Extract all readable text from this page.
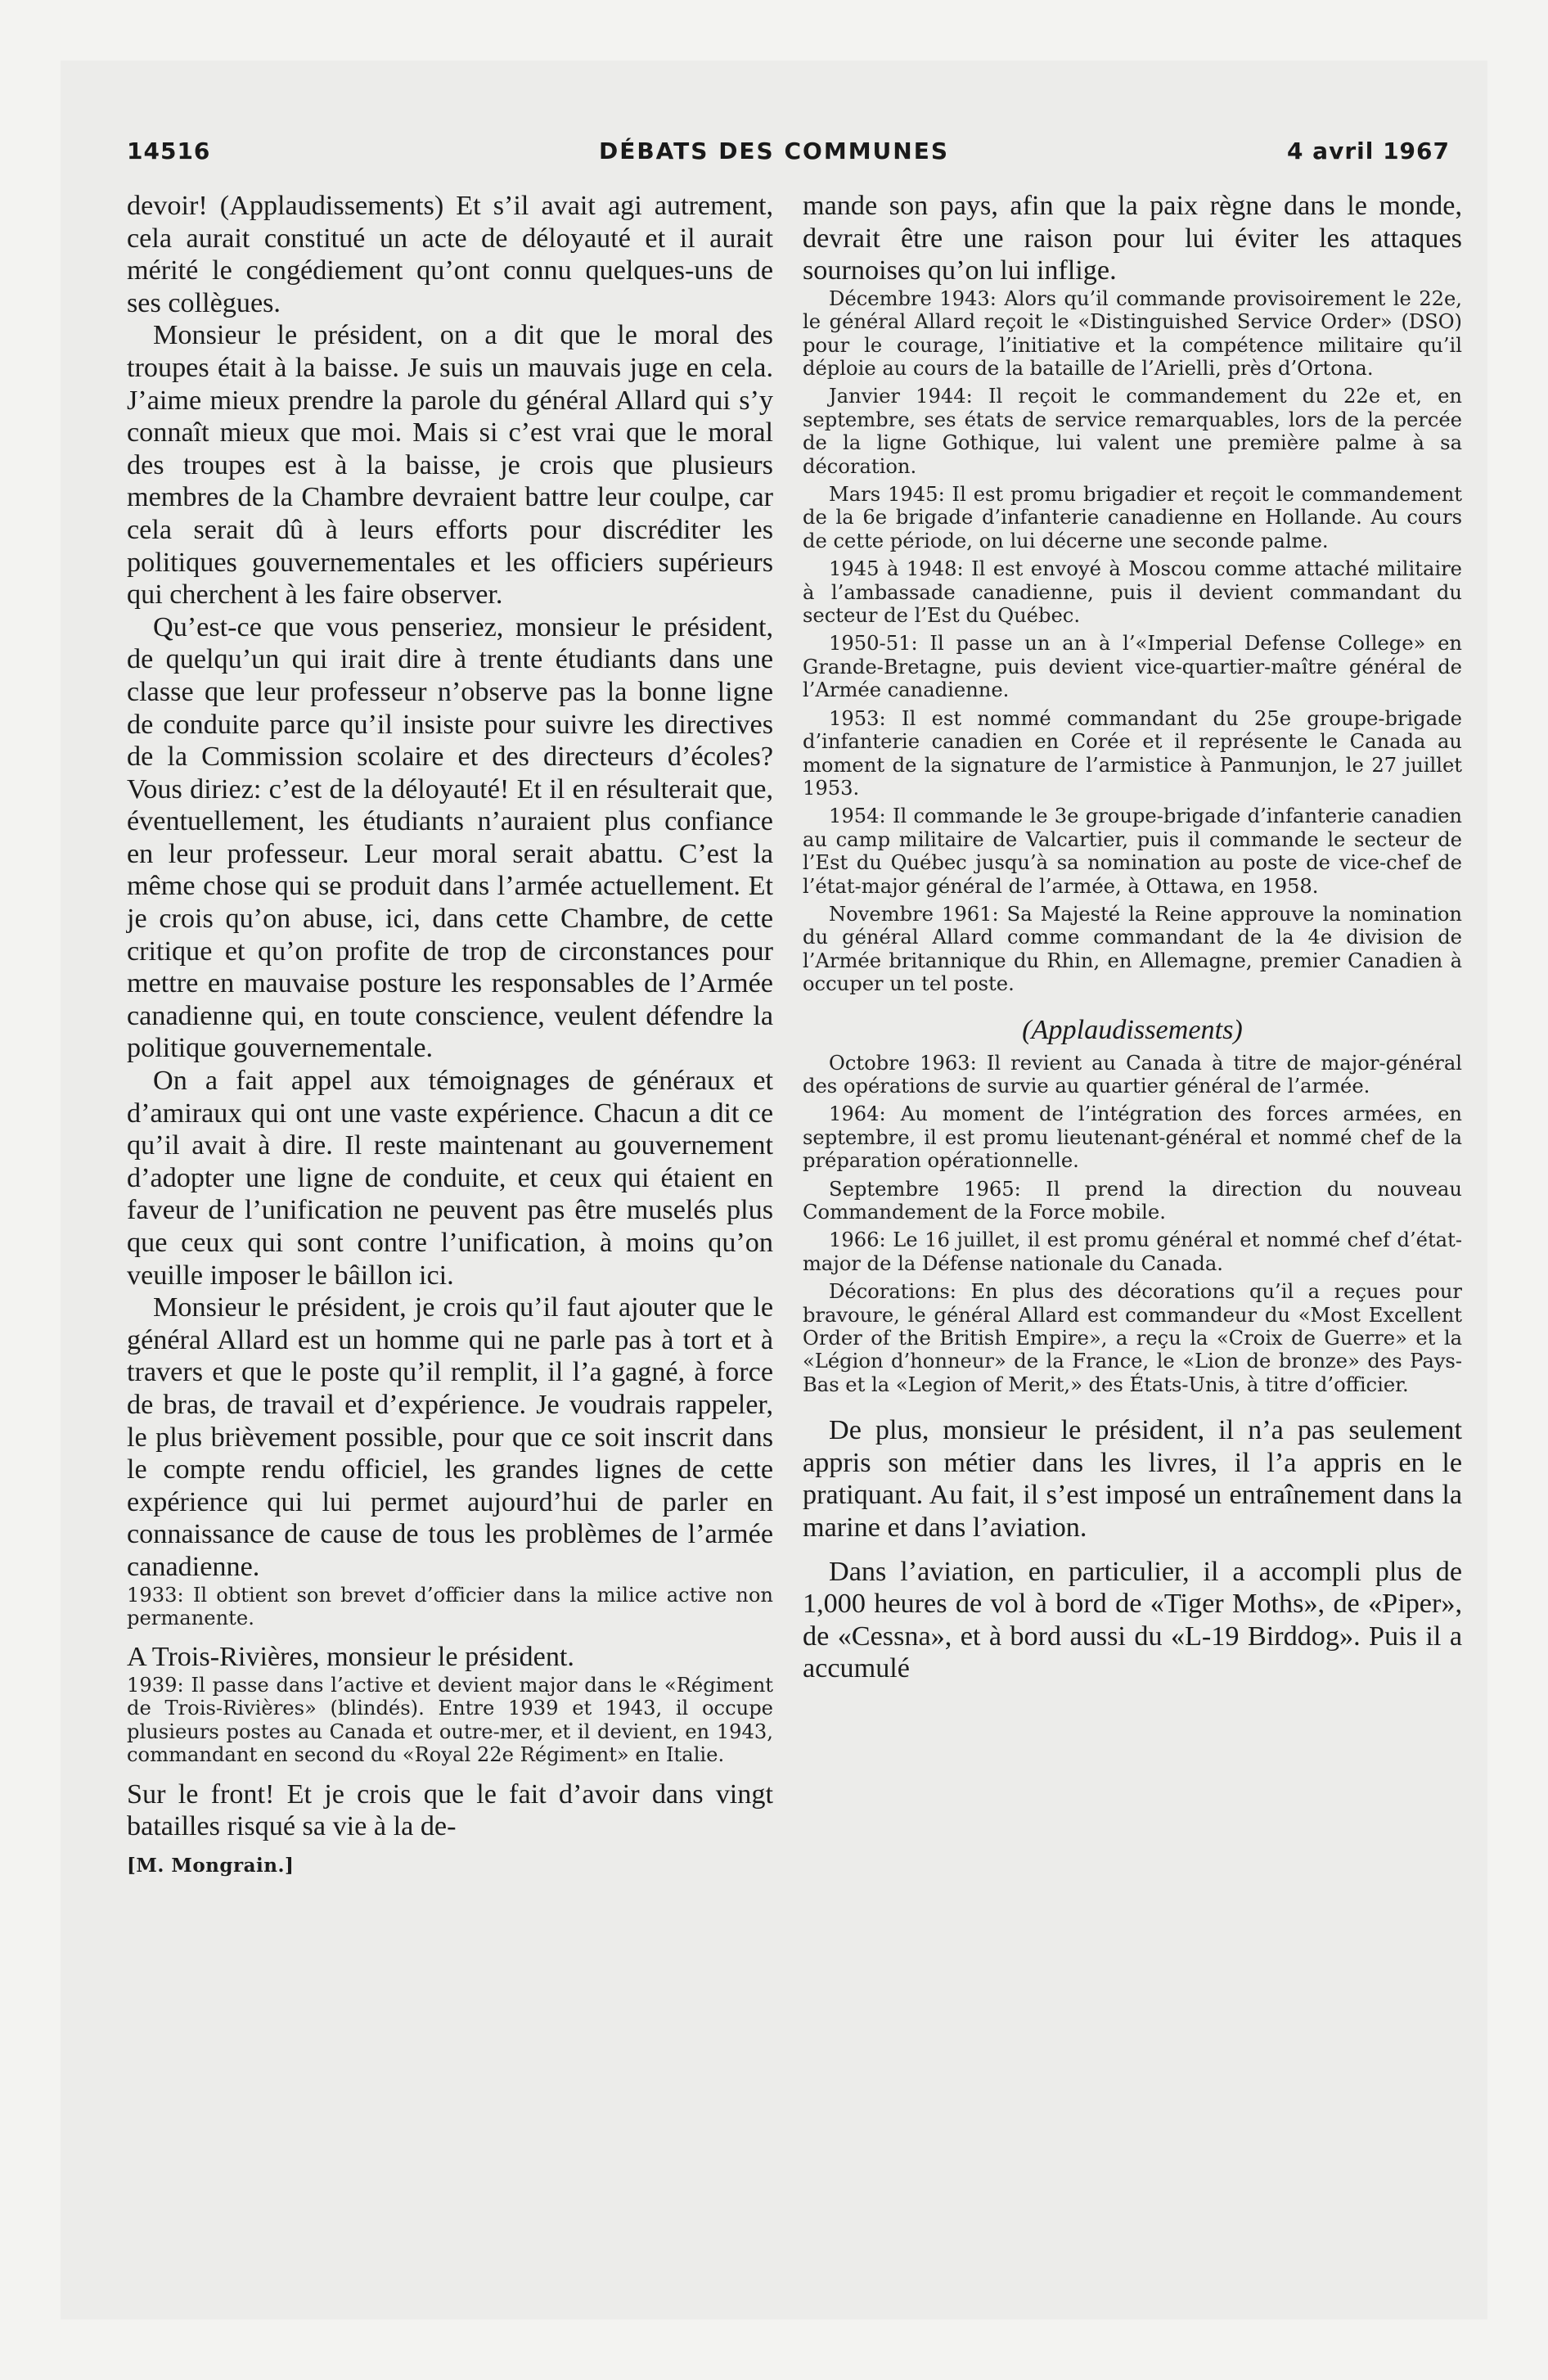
14516	DÉBATS DES COMMUNES	4 avril 1967

devoir! (Applaudissements) Et s’il avait agi autrement, cela aurait constitué un acte de déloyauté et il aurait mérité le congédiement qu’ont connu quelques-uns de ses collègues.

Monsieur le président, on a dit que le moral des troupes était à la baisse. Je suis un mauvais juge en cela. J’aime mieux prendre la parole du général Allard qui s’y connaît mieux que moi. Mais si c’est vrai que le moral des troupes est à la baisse, je crois que plusieurs membres de la Chambre devraient battre leur coulpe, car cela serait dû à leurs efforts pour discréditer les politiques gouvernementales et les officiers supérieurs qui cherchent à les faire observer.

Qu’est-ce que vous penseriez, monsieur le président, de quelqu’un qui irait dire à trente étudiants dans une classe que leur professeur n’observe pas la bonne ligne de conduite parce qu’il insiste pour suivre les directives de la Commission scolaire et des directeurs d’écoles? Vous diriez: c’est de la déloyauté! Et il en résulterait que, éventuellement, les étudiants n’auraient plus confiance en leur professeur. Leur moral serait abattu. C’est la même chose qui se produit dans l’armée actuellement. Et je crois qu’on abuse, ici, dans cette Chambre, de cette critique et qu’on profite de trop de circonstances pour mettre en mauvaise posture les responsables de l’Armée canadienne qui, en toute conscience, veulent défendre la politique gouvernementale.

On a fait appel aux témoignages de généraux et d’amiraux qui ont une vaste expérience. Chacun a dit ce qu’il avait à dire. Il reste maintenant au gouvernement d’adopter une ligne de conduite, et ceux qui étaient en faveur de l’unification ne peuvent pas être muselés plus que ceux qui sont contre l’unification, à moins qu’on veuille imposer le bâillon ici.

Monsieur le président, je crois qu’il faut ajouter que le général Allard est un homme qui ne parle pas à tort et à travers et que le poste qu’il remplit, il l’a gagné, à force de bras, de travail et d’expérience. Je voudrais rappeler, le plus brièvement possible, pour que ce soit inscrit dans le compte rendu officiel, les grandes lignes de cette expérience qui lui permet aujourd’hui de parler en connaissance de cause de tous les problèmes de l’armée canadienne.

1933: Il obtient son brevet d’officier dans la milice active non permanente.

A Trois-Rivières, monsieur le président.

1939: Il passe dans l’active et devient major dans le «Régiment de Trois-Rivières» (blindés). Entre 1939 et 1943, il occupe plusieurs postes au Canada et outre-mer, et il devient, en 1943, commandant en second du «Royal 22e Régiment» en Italie.

Sur le front! Et je crois que le fait d’avoir dans vingt batailles risqué sa vie à la de-

[M. Mongrain.]

mande son pays, afin que la paix règne dans le monde, devrait être une raison pour lui éviter les attaques sournoises qu’on lui inflige.

Décembre 1943: Alors qu’il commande provisoirement le 22e, le général Allard reçoit le «Distinguished Service Order» (DSO) pour le courage, l’initiative et la compétence militaire qu’il déploie au cours de la bataille de l’Arielli, près d’Ortona.

Janvier 1944: Il reçoit le commandement du 22e et, en septembre, ses états de service remarquables, lors de la percée de la ligne Gothique, lui valent une première palme à sa décoration.

Mars 1945: Il est promu brigadier et reçoit le commandement de la 6e brigade d’infanterie canadienne en Hollande. Au cours de cette période, on lui décerne une seconde palme.

1945 à 1948: Il est envoyé à Moscou comme attaché militaire à l’ambassade canadienne, puis il devient commandant du secteur de l’Est du Québec.

1950-51: Il passe un an à l’«Imperial Defense College» en Grande-Bretagne, puis devient vice-quartier-maître général de l’Armée canadienne.

1953: Il est nommé commandant du 25e groupe-brigade d’infanterie canadien en Corée et il représente le Canada au moment de la signature de l’armistice à Panmunjon, le 27 juillet 1953.

1954: Il commande le 3e groupe-brigade d’infanterie canadien au camp militaire de Valcartier, puis il commande le secteur de l’Est du Québec jusqu’à sa nomination au poste de vice-chef de l’état-major général de l’armée, à Ottawa, en 1958.

Novembre 1961: Sa Majesté la Reine approuve la nomination du général Allard comme commandant de la 4e division de l’Armée britannique du Rhin, en Allemagne, premier Canadien à occuper un tel poste.

(Applaudissements)

Octobre 1963: Il revient au Canada à titre de major-général des opérations de survie au quartier général de l’armée.

1964: Au moment de l’intégration des forces armées, en septembre, il est promu lieutenant-général et nommé chef de la préparation opérationnelle.

Septembre 1965: Il prend la direction du nouveau Commandement de la Force mobile.

1966: Le 16 juillet, il est promu général et nommé chef d’état-major de la Défense nationale du Canada.

Décorations: En plus des décorations qu’il a reçues pour bravoure, le général Allard est commandeur du «Most Excellent Order of the British Empire», a reçu la «Croix de Guerre» et la «Légion d’honneur» de la France, le «Lion de bronze» des Pays-Bas et la «Legion of Merit,» des États-Unis, à titre d’officier.

De plus, monsieur le président, il n’a pas seulement appris son métier dans les livres, il l’a appris en le pratiquant. Au fait, il s’est imposé un entraînement dans la marine et dans l’aviation.

Dans l’aviation, en particulier, il a accompli plus de 1,000 heures de vol à bord de «Tiger Moths», de «Piper», de «Cessna», et à bord aussi du «L-19 Birddog». Puis il a accumulé
